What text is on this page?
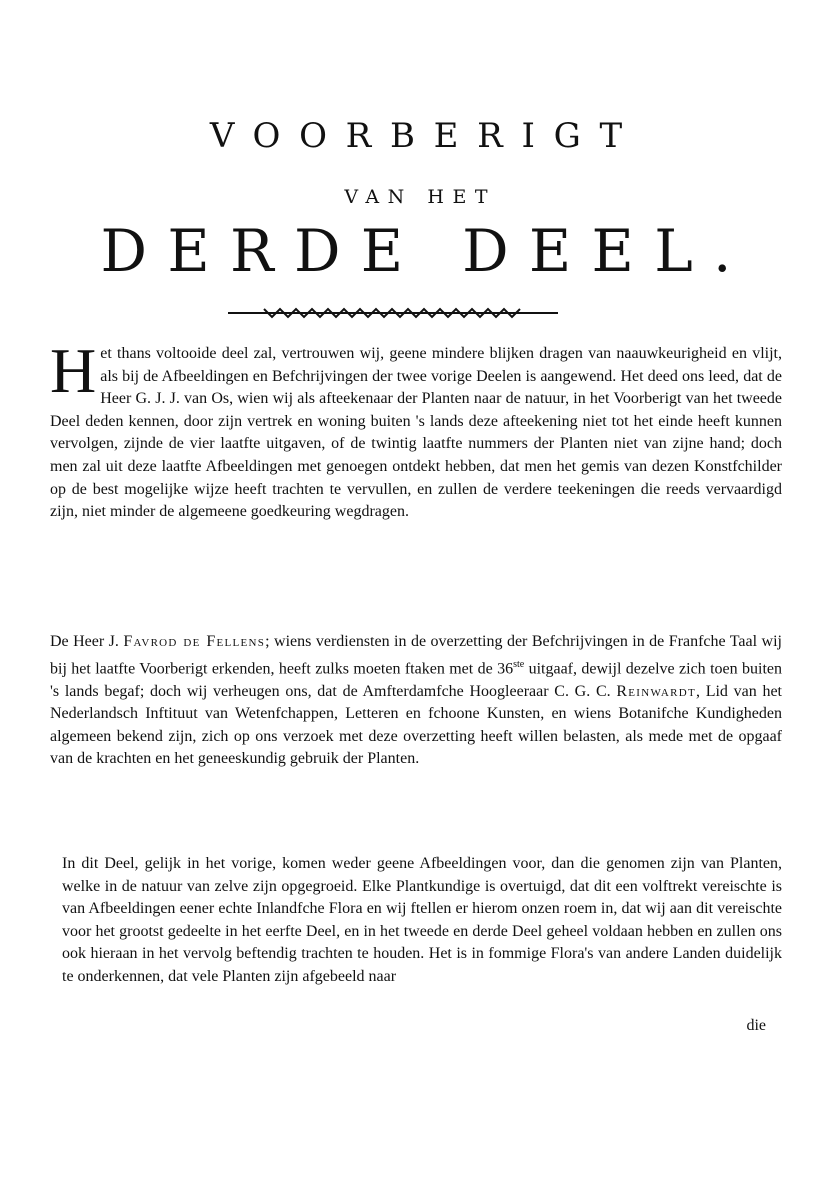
VOORBERIGT
VAN HET
DERDE DEEL.
H et thans voltooide deel zal, vertrouwen wij, geene mindere blijken dragen van naauwkeurigheid en vlijt, als bij de Afbeeldingen en Befchrijvingen der twee vorige Deelen is aangewend. Het deed ons leed, dat de Heer G. J. J. van Os, wien wij als afteekenaar der Planten naar de natuur, in het Voorberigt van het tweede Deel deden kennen, door zijn vertrek en woning buiten 's lands deze afteekening niet tot het einde heeft kunnen vervolgen, zijnde de vier laatfte uitgaven, of de twintig laatfte nummers der Planten niet van zijne hand; doch men zal uit deze laatfte Afbeeldingen met genoegen ontdekt hebben, dat men het gemis van dezen Konstfchilder op de best mogelijke wijze heeft trachten te vervullen, en zullen de verdere teekeningen die reeds vervaardigd zijn, niet minder de algemeene goedkeuring wegdragen.
De Heer J. Favrod de Fellens; wiens verdiensten in de overzetting der Befchrijvingen in de Franfche Taal wij bij het laatfte Voorberigt erkenden, heeft zulks moeten ftaken met de 36ste uitgaaf, dewijl dezelve zich toen buiten 's lands begaf; doch wij verheugen ons, dat de Amfterdamfche Hoogleeraar C. G. C. Reinwardt, Lid van het Nederlandsch Inftituut van Wetenfchappen, Letteren en fchoone Kunsten, en wiens Botanifche Kundigheden algemeen bekend zijn, zich op ons verzoek met deze overzetting heeft willen belasten, als mede met de opgaaf van de krachten en het geneeskundig gebruik der Planten.
In dit Deel, gelijk in het vorige, komen weder geene Afbeeldingen voor, dan die genomen zijn van Planten, welke in de natuur van zelve zijn opgegroeid. Elke Plantkundige is overtuigd, dat dit een volftrekt vereischte is van Afbeeldingen eener echte Inlandfche Flora en wij ftellen er hierom onzen roem in, dat wij aan dit vereischte voor het grootst gedeelte in het eerfte Deel, en in het tweede en derde Deel geheel voldaan hebben en zullen ons ook hieraan in het vervolg beftendig trachten te houden. Het is in fommige Flora's van andere Landen duidelijk te onderkennen, dat vele Planten zijn afgebeeld naar
die
